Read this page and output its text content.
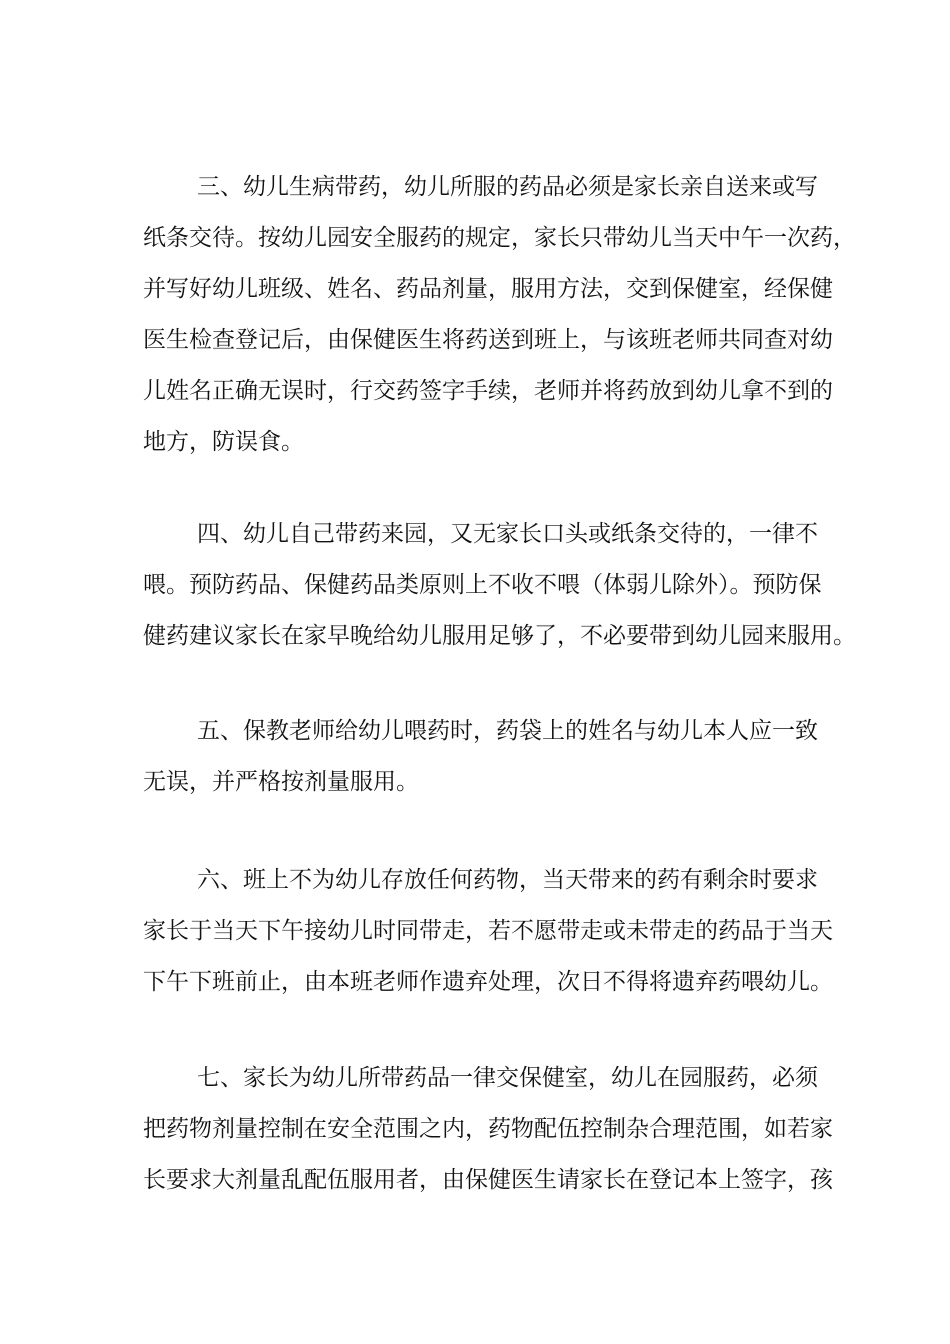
三、幼儿生病带药，幼儿所服的药品必须是家长亲自送来或写
纸条交待。按幼儿园安全服药的规定，家长只带幼儿当天中午一次药，
并写好幼儿班级、姓名、药品剂量，服用方法，交到保健室，经保健
医生检查登记后，由保健医生将药送到班上，与该班老师共同查对幼
儿姓名正确无误时，行交药签字手续，老师并将药放到幼儿拿不到的
地方，防误食。
四、幼儿自己带药来园，又无家长口头或纸条交待的，一律不
喂。预防药品、保健药品类原则上不收不喂（体弱儿除外）。预防保
健药建议家长在家早晚给幼儿服用足够了，不必要带到幼儿园来服用。
五、保教老师给幼儿喂药时，药袋上的姓名与幼儿本人应一致
无误，并严格按剂量服用。
六、班上不为幼儿存放任何药物，当天带来的药有剩余时要求
家长于当天下午接幼儿时同带走，若不愿带走或未带走的药品于当天
下午下班前止，由本班老师作遗弃处理，次日不得将遗弃药喂幼儿。
七、家长为幼儿所带药品一律交保健室，幼儿在园服药，必须
把药物剂量控制在安全范围之内，药物配伍控制杂合理范围，如若家
长要求大剂量乱配伍服用者，由保健医生请家长在登记本上签字，孩
